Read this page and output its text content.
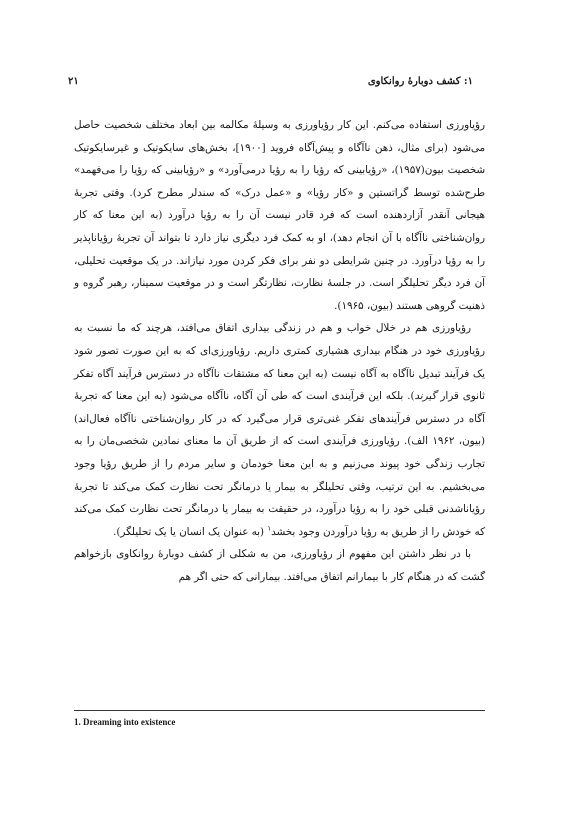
۱: کشف دوبارهٔ روانکاوی
۲۱

رؤیاورزی استفاده می‌کنم. این کار رؤیاورزی به وسیلهٔ مکالمه بین ابعاد مختلف شخصیت حاصل می‌شود (برای مثال، ذهن ناآگاه و پیش‌آگاه فروید [۱۹۰۰]، بخش‌های سایکوتیک و غیرسایکوتیک شخصیت بیون(۱۹۵۷)، «رؤیابینی که رؤیا را به رؤیا درمی‌آورد» و «رؤیابینی که رؤیا را می‌فهمد» طرح‌شده توسط گراتستین و «کار رؤیا» و «عمل درک» که سندلر مطرح کرد). وقتی تجربهٔ هیجانی آنقدر آزاردهنده است که فرد قادر نیست آن را به رؤیا درآورد (به این معنا که کار روان‌شناختی ناآگاه با آن انجام دهد)، او به کمک فرد دیگری نیاز دارد تا بتواند آن تجربهٔ رؤیاناپذیر را به رؤیا درآورد. در چنین شرایطی دو نفر برای فکر کردن مورد نیازاند. در یک موقعیت تحلیلی، آن فرد دیگر تحلیلگر است. در جلسهٔ نظارت، نظارتگر است و در موقعیت سمینار، رهبر گروه و ذهنیت گروهی هستند (بیون، ۱۹۶۵).

رؤیاورزی هم در خلال خواب و هم در زندگی بیداری اتفاق می‌افتد، هرچند که ما نسبت به رؤیاورزی خود در هنگام بیداری هشیاری کمتری داریم. رؤیاورزی‌ای که به این صورت تصور شود یک فرآیند تبدیل ناآگاه به آگاه نیست (به این معنا که مشتقات ناآگاه در دسترس فرآیند آگاه تفکر ثانوی قرار گیرند). بلکه این فرآیندی است که طی آن آگاه، ناآگاه می‌شود (به این معنا که تجربهٔ آگاه در دسترس فرآیندهای تفکر غنی‌تری قرار می‌گیرد که در کار روان‌شناختی ناآگاه فعال‌اند) (بیون، ۱۹۶۲ الف). رؤیاورزی فرآیندی است که از طریق آن ما معنای نمادین شخصی‌مان را به تجارب زندگی خود پیوند می‌زنیم و به این معنا خودمان و سایر مردم را از طریق رؤیا وجود می‌بخشیم. به این ترتیب، وقتی تحلیلگر به بیمار یا درمانگر تحت نظارت کمک می‌کند تا تجربهٔ رؤیاناشدنی قبلی خود را به رؤیا درآورد، در حقیقت به بیمار یا درمانگر تحت نظارت کمک می‌کند که خودش را از طریق به رؤیا درآوردن وجود بخشد$^۱$ (به عنوان یک انسان یا یک تحلیلگر).

با در نظر داشتن این مفهوم از رؤیاورزی، من به شکلی از کشف دوبارهٔ روانکاوی بازخواهم گشت که در هنگام کار با بیمارانم اتفاق می‌افتد. بیمارانی که حتی اگر هم

1. Dreaming into existence
